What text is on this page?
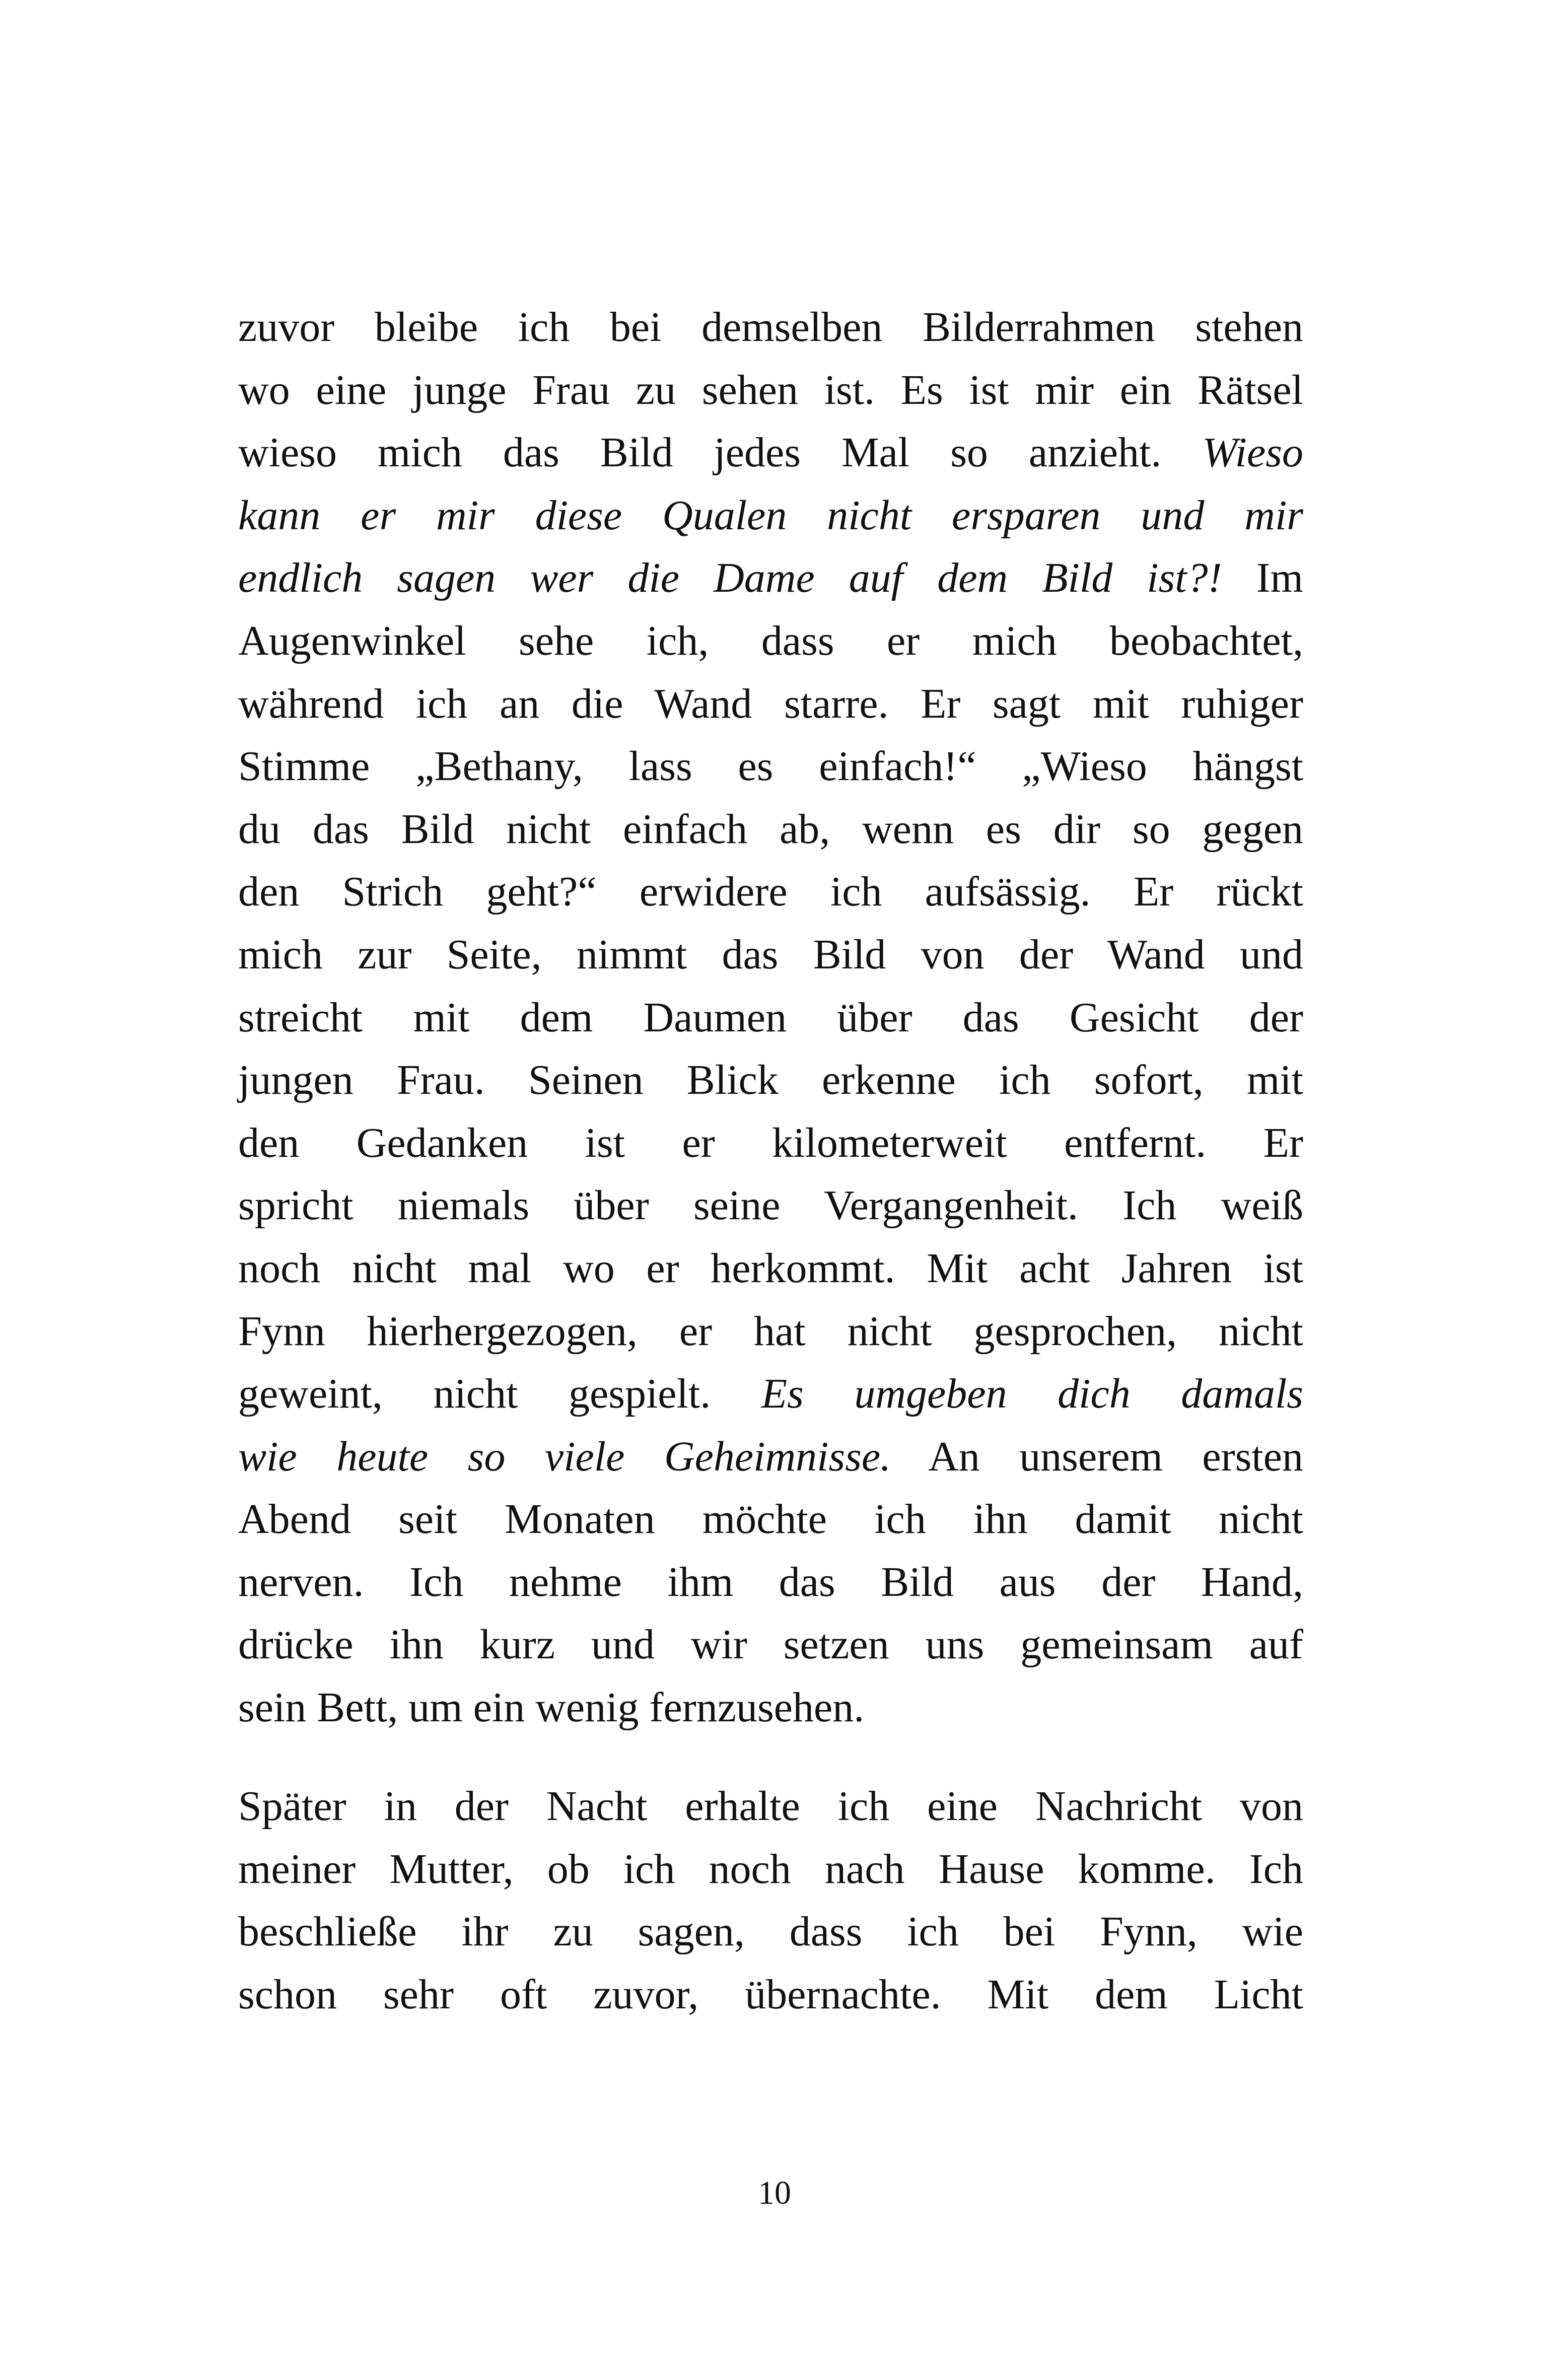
zuvor bleibe ich bei demselben Bilderrahmen stehen
wo eine junge Frau zu sehen ist. Es ist mir ein Rätsel
wieso mich das Bild jedes Mal so anzieht. Wieso
kann er mir diese Qualen nicht ersparen und mir
endlich sagen wer die Dame auf dem Bild ist?! Im
Augenwinkel sehe ich, dass er mich beobachtet,
während ich an die Wand starre. Er sagt mit ruhiger
Stimme „Bethany, lass es einfach!“ „Wieso hängst
du das Bild nicht einfach ab, wenn es dir so gegen
den Strich geht?“ erwidere ich aufsässig. Er rückt
mich zur Seite, nimmt das Bild von der Wand und
streicht mit dem Daumen über das Gesicht der
jungen Frau. Seinen Blick erkenne ich sofort, mit
den Gedanken ist er kilometerweit entfernt. Er
spricht niemals über seine Vergangenheit. Ich weiß
noch nicht mal wo er herkommt. Mit acht Jahren ist
Fynn hierhergezogen, er hat nicht gesprochen, nicht
geweint, nicht gespielt. Es umgeben dich damals
wie heute so viele Geheimnisse. An unserem ersten
Abend seit Monaten möchte ich ihn damit nicht
nerven. Ich nehme ihm das Bild aus der Hand,
drücke ihn kurz und wir setzen uns gemeinsam auf
sein Bett, um ein wenig fernzusehen.
Später in der Nacht erhalte ich eine Nachricht von
meiner Mutter, ob ich noch nach Hause komme. Ich
beschließe ihr zu sagen, dass ich bei Fynn, wie
schon sehr oft zuvor, übernachte. Mit dem Licht
10
